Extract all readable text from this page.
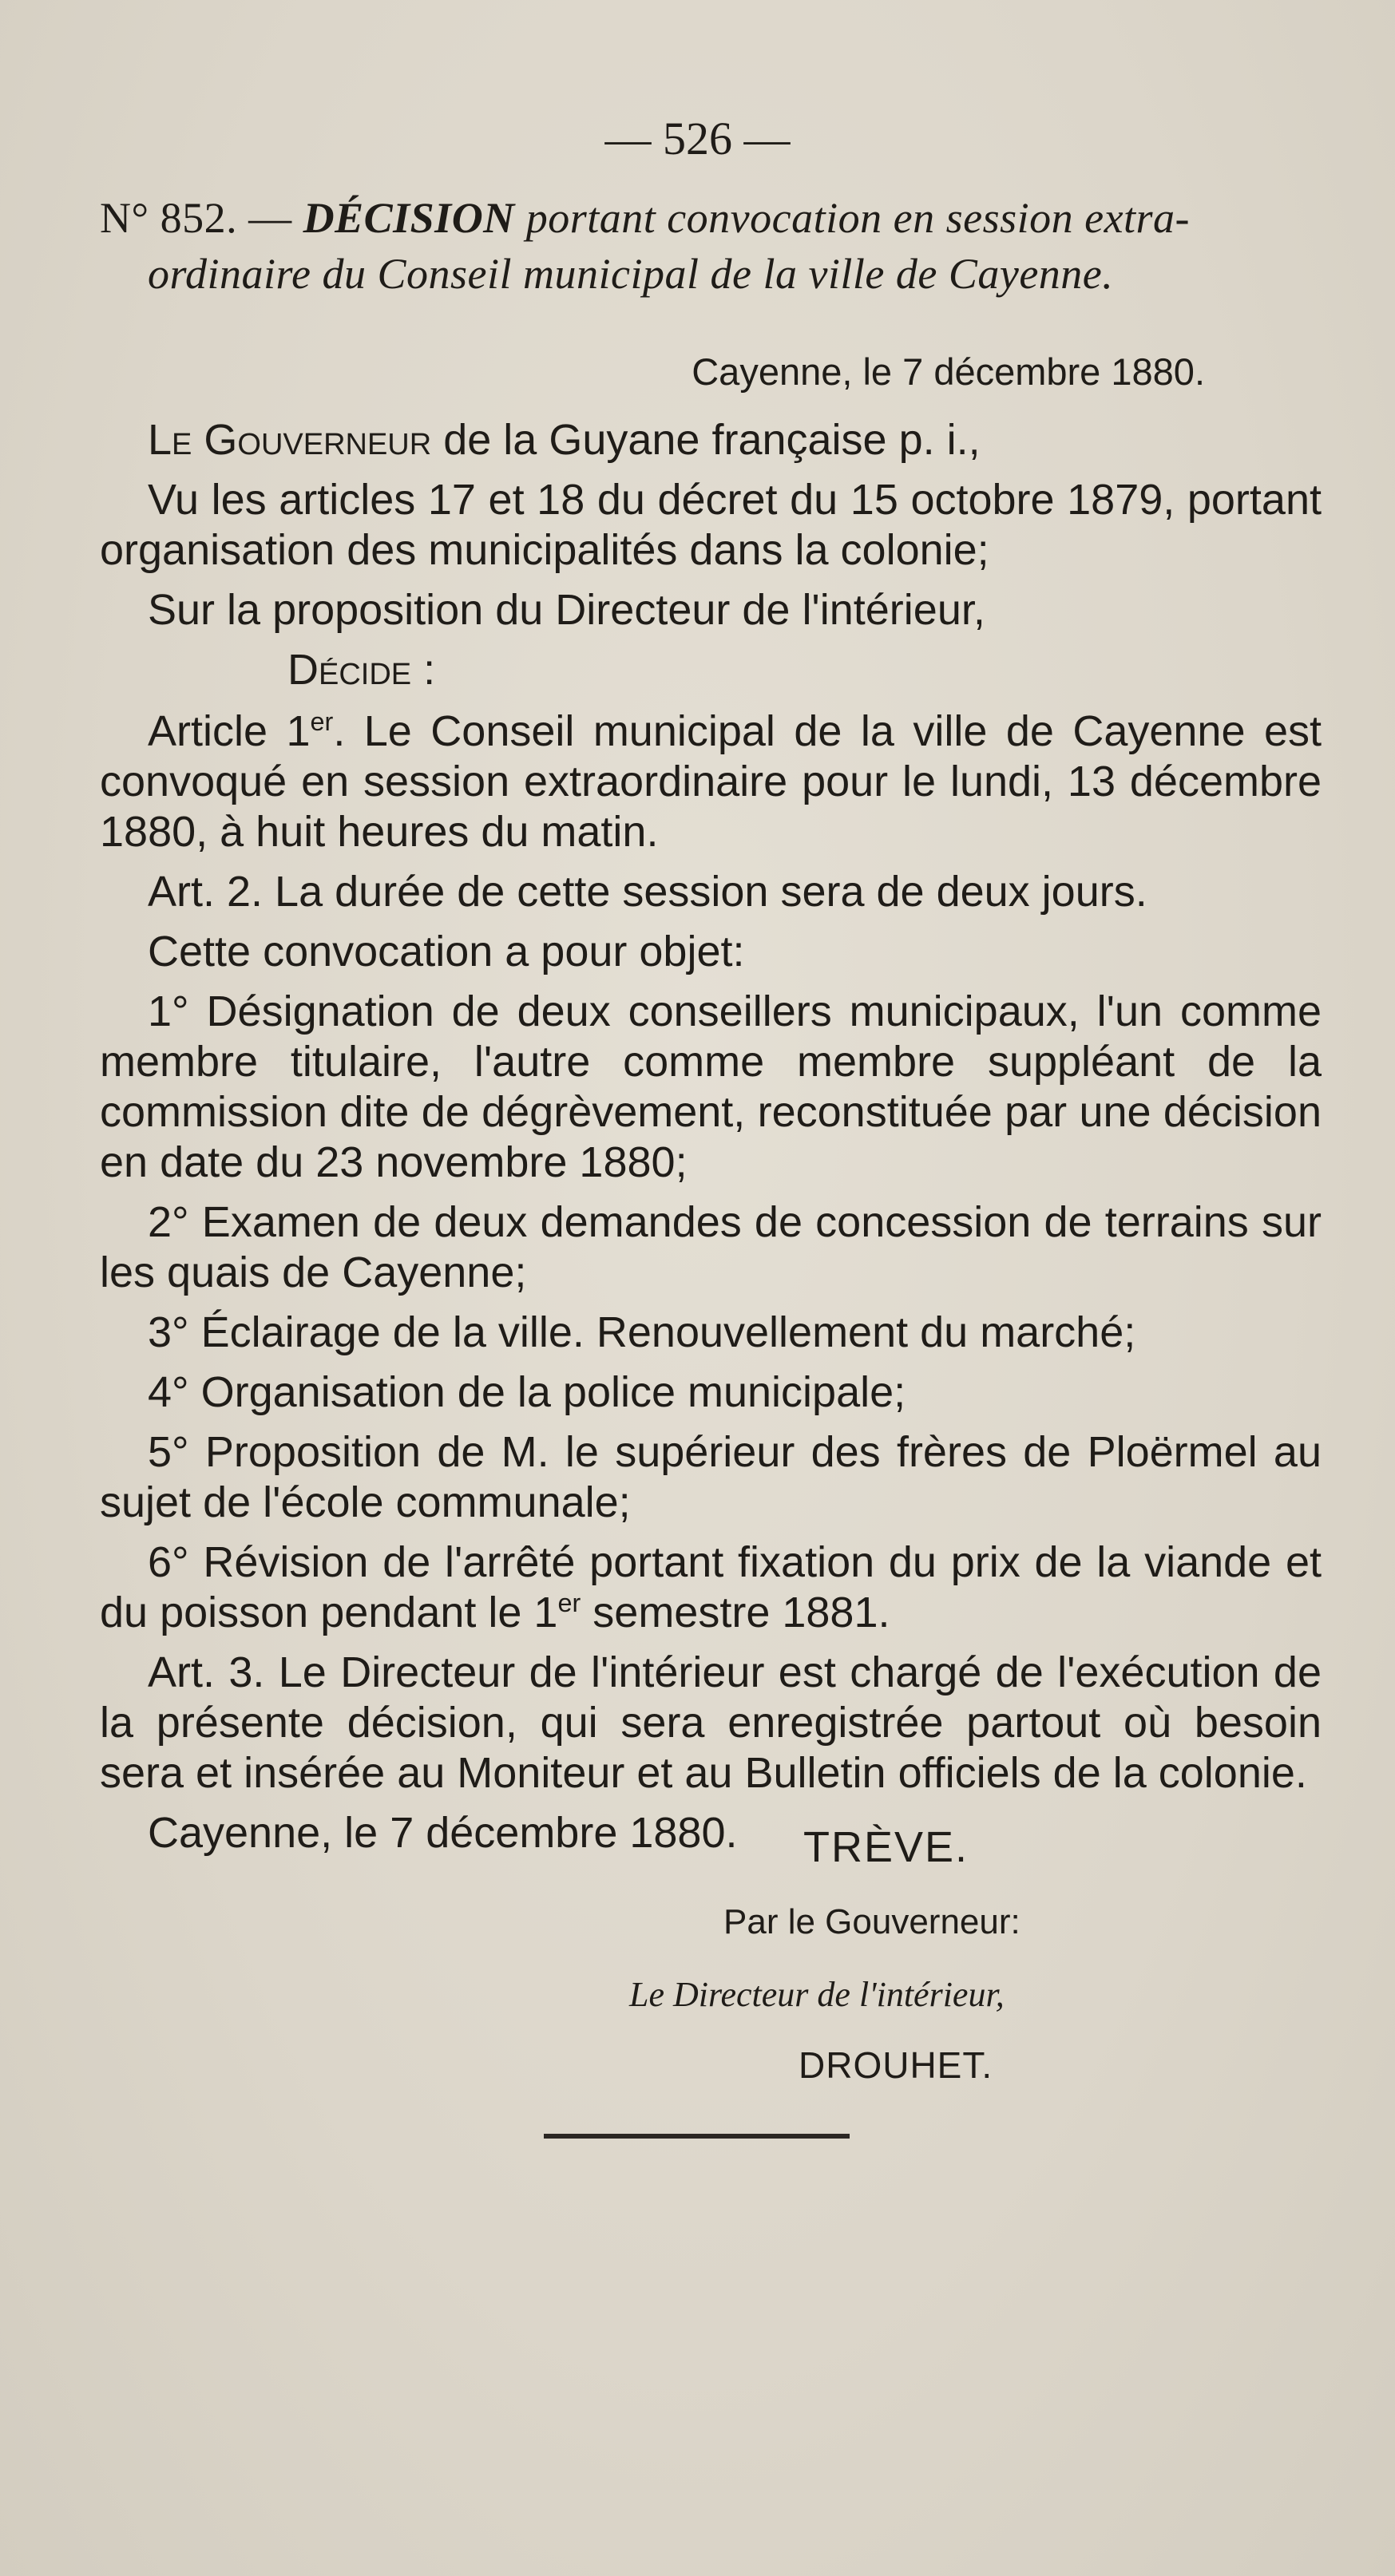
— 526 —
N° 852. — DÉCISION portant convocation en session extra-
ordinaire du Conseil municipal de la ville de Cayenne.
Cayenne, le 7 décembre 1880.

Le Gouverneur de la Guyane française p. i.,

Vu les articles 17 et 18 du décret du 15 octobre 1879, portant organisation des municipalités dans la colonie;

Sur la proposition du Directeur de l'intérieur,

Décide :

Article 1er. Le Conseil municipal de la ville de Cayenne est convoqué en session extraordinaire pour le lundi, 13 décembre 1880, à huit heures du matin.

Art. 2. La durée de cette session sera de deux jours.

Cette convocation a pour objet:

1° Désignation de deux conseillers municipaux, l'un comme membre titulaire, l'autre comme membre suppléant de la commission dite de dégrèvement, reconstituée par une décision en date du 23 novembre 1880;

2° Examen de deux demandes de concession de terrains sur les quais de Cayenne;

3° Éclairage de la ville. Renouvellement du marché;

4° Organisation de la police municipale;

5° Proposition de M. le supérieur des frères de Ploërmel au sujet de l'école communale;

6° Révision de l'arrêté portant fixation du prix de la viande et du poisson pendant le 1er semestre 1881.

Art. 3. Le Directeur de l'intérieur est chargé de l'exécution de la présente décision, qui sera enregistrée partout où besoin sera et insérée au Moniteur et au Bulletin officiels de la colonie.

Cayenne, le 7 décembre 1880.	TRÈVE.
Par le Gouverneur:
Le Directeur de l'intérieur,
DROUHET.
